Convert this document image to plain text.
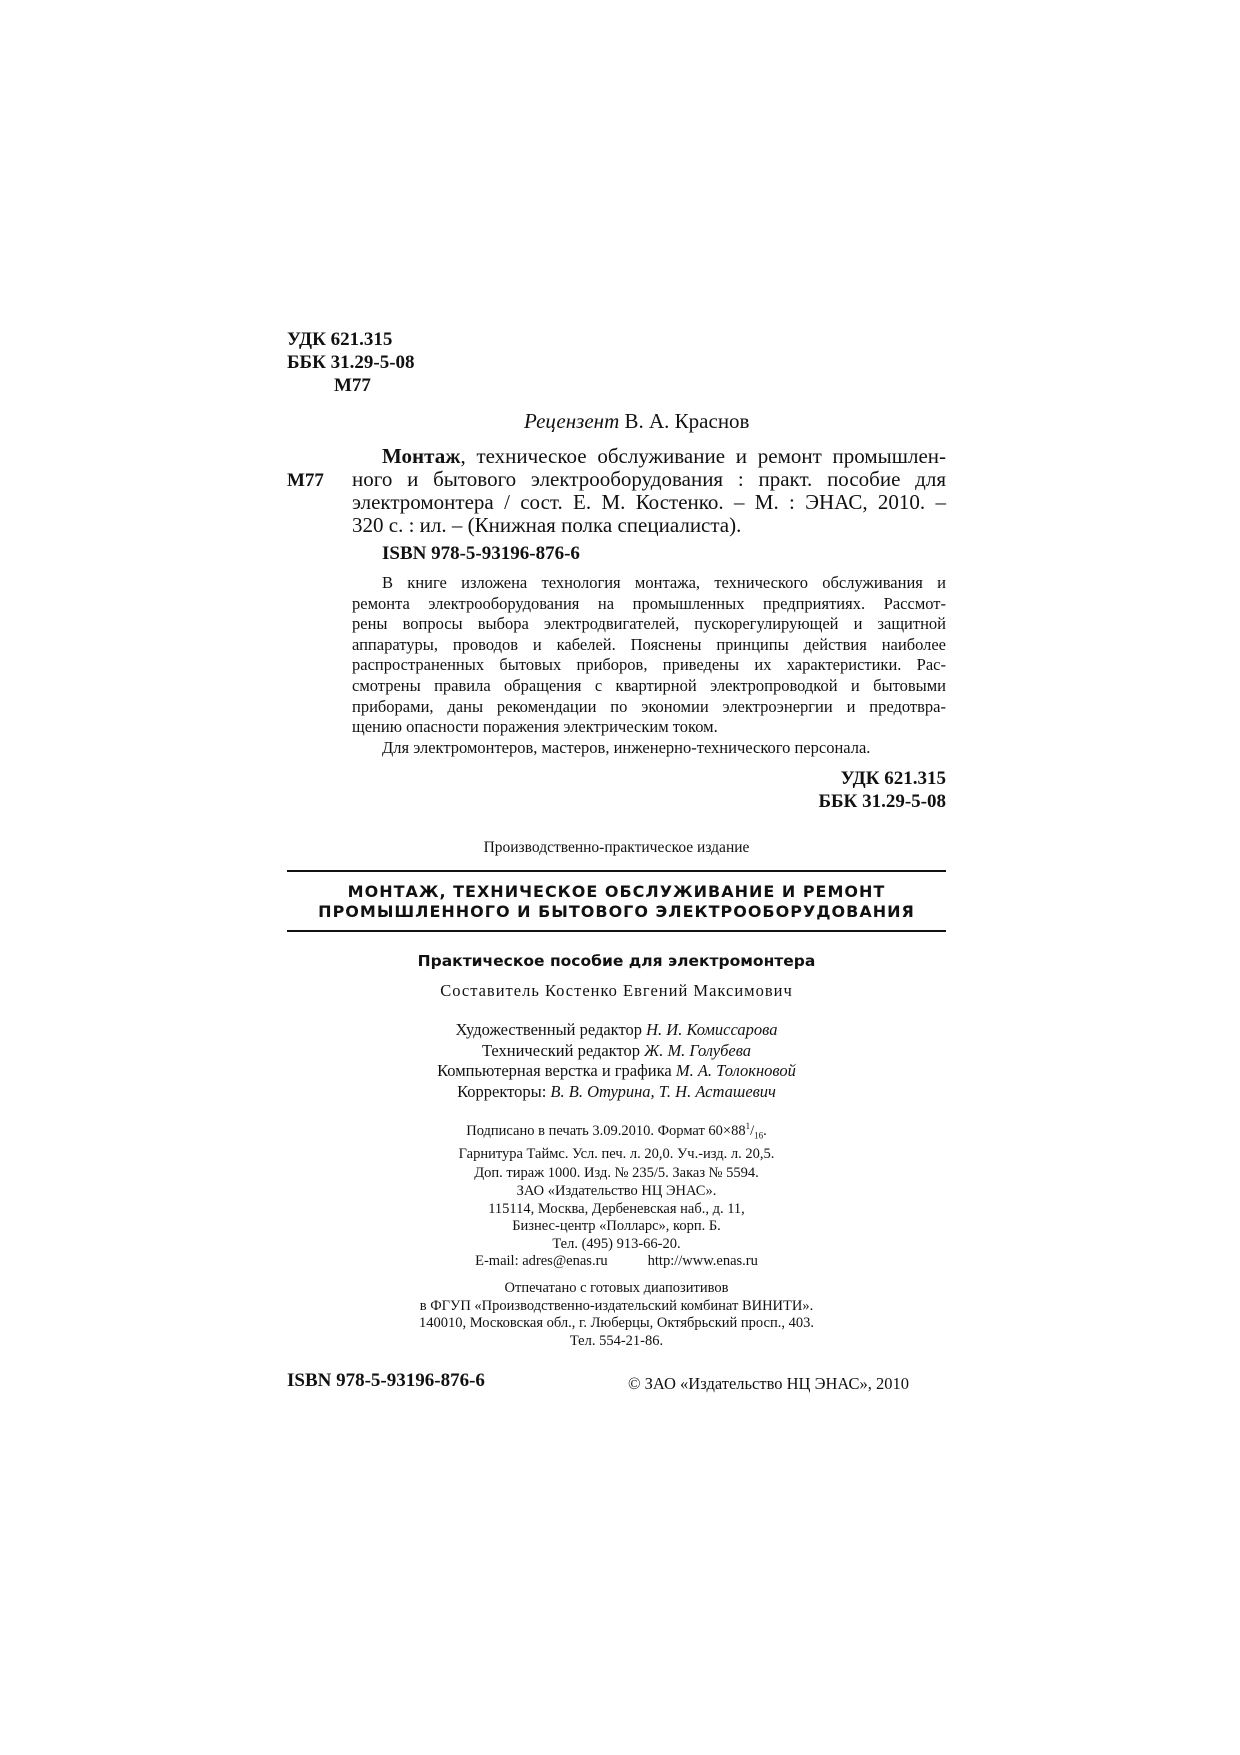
УДК 621.315
ББК 31.29-5-08
М77
Рецензент В. А. Краснов
М77
Монтаж, техническое обслуживание и ремонт промышлен-
ного и бытового электрооборудования : практ. пособие для
электромонтера / сост. Е. М. Костенко. – М. : ЭНАС, 2010. –
320 с. : ил. – (Книжная полка специалиста).
ISBN 978-5-93196-876-6
В книге изложена технология монтажа, технического обслуживания и
ремонта электрооборудования на промышленных предприятиях. Рассмот-
рены вопросы выбора электродвигателей, пускорегулирующей и защитной
аппаратуры, проводов и кабелей. Пояснены принципы действия наиболее
распространенных бытовых приборов, приведены их характеристики. Рас-
смотрены правила обращения с квартирной электропроводкой и бытовыми
приборами, даны рекомендации по экономии электроэнергии и предотвра-
щению опасности поражения электрическим током.
Для электромонтеров, мастеров, инженерно-технического персонала.
УДК 621.315
ББК 31.29-5-08
Производственно-практическое издание
МОНТАЖ, ТЕХНИЧЕСКОЕ ОБСЛУЖИВАНИЕ И РЕМОНТ
ПРОМЫШЛЕННОГО И БЫТОВОГО ЭЛЕКТРООБОРУДОВАНИЯ
Практическое пособие для электромонтера
Составитель Костенко Евгений Максимович
Художественный редактор Н. И. Комиссарова
Технический редактор Ж. М. Голубева
Компьютерная верстка и графика М. А. Толокновой
Корректоры: В. В. Отурина, Т. Н. Асташевич
Подписано в печать 3.09.2010. Формат $60\times 88^1/_{16}$.
Гарнитура Таймс. Усл. печ. л. 20,0. Уч.-изд. л. 20,5.
Доп. тираж 1000. Изд. № 235/5. Заказ № 5594.
ЗАО «Издательство НЦ ЭНАС».
115114, Москва, Дербеневская наб., д. 11,
Бизнес-центр «Полларс», корп. Б.
Тел. (495) 913-66-20.
E-mail: adres@enas.ru	http://www.enas.ru
Отпечатано с готовых диапозитивов
в ФГУП «Производственно-издательский комбинат ВИНИТИ».
140010, Московская обл., г. Люберцы, Октябрьский просп., 403.
Тел. 554-21-86.
ISBN 978-5-93196-876-6	© ЗАО «Издательство НЦ ЭНАС», 2010
